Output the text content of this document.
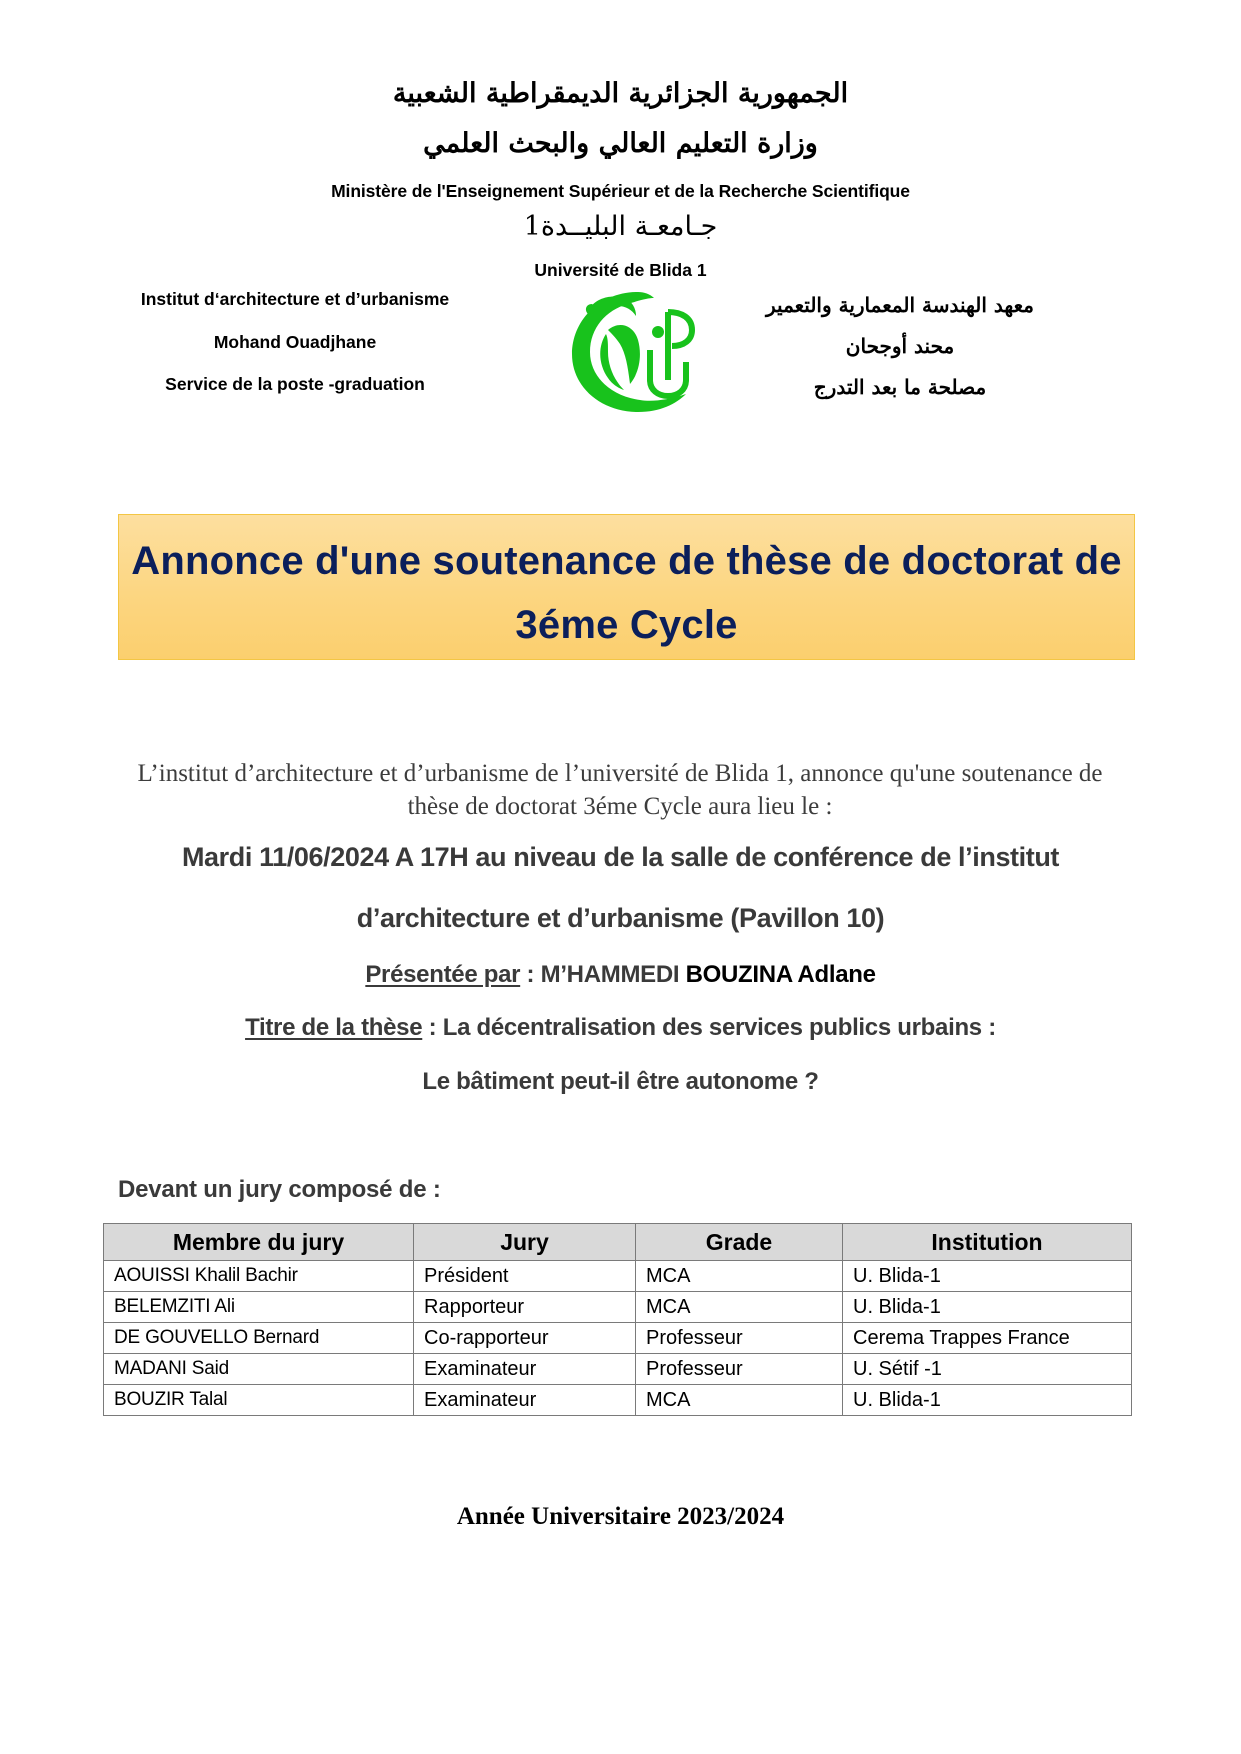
الجمهورية الجزائرية الديمقراطية الشعبية
وزارة التعليم العالي والبحث العلمي
Ministère de l'Enseignement Supérieur et de la Recherche Scientifique
جـامعـة البليــدة1
Université de Blida 1
Institut d‘architecture et d’urbanisme
Mohand Ouadjhane
Service de la poste -graduation
معهد الهندسة المعمارية والتعمير
محند أوجحان
مصلحة ما بعد التدرج
Annonce d'une soutenance de thèse de doctorat de 3éme Cycle
L’institut d’architecture et d’urbanisme de l’université de Blida 1, annonce qu'une soutenance de thèse de doctorat 3éme Cycle aura lieu le :
Mardi 11/06/2024 A 17H au niveau de la salle de conférence de l’institut
d’architecture et d’urbanisme (Pavillon 10)
Présentée par : M’HAMMEDI BOUZINA Adlane
Titre de la thèse : La décentralisation des services publics urbains :
Le bâtiment peut-il être autonome ?
Devant un jury composé de :
Membre du jury	Jury	Grade	Institution
AOUISSI Khalil Bachir	Président	MCA	U. Blida-1
BELEMZITI Ali	Rapporteur	MCA	U. Blida-1
DE GOUVELLO Bernard	Co-rapporteur	Professeur	Cerema Trappes France
MADANI Said	Examinateur	Professeur	U. Sétif -1
BOUZIR Talal	Examinateur	MCA	U. Blida-1
Année Universitaire 2023/2024
